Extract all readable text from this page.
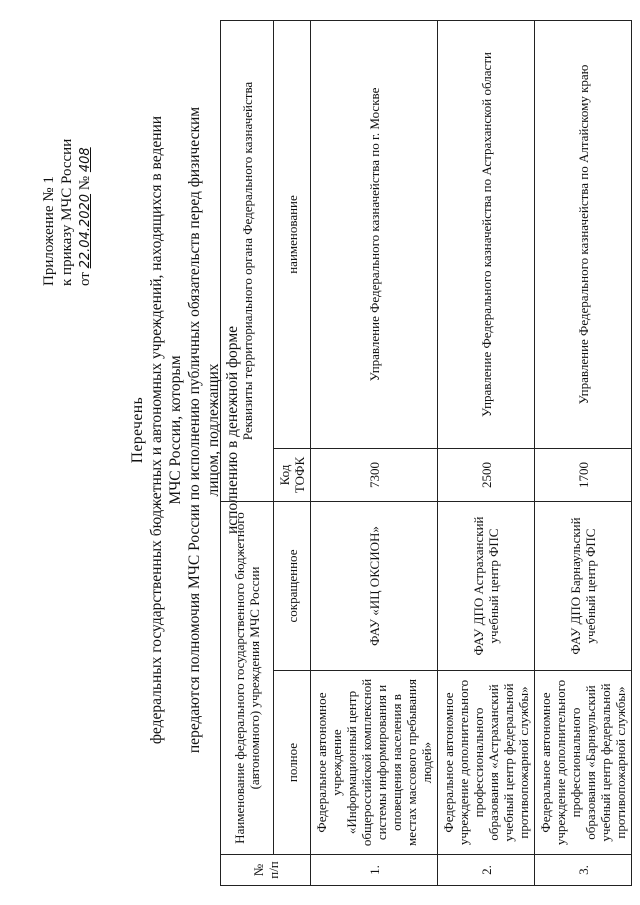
Приложение № 1 к приказу МЧС России от 22.04.2020 № 408
Перечень федеральных государственных бюджетных и автономных учреждений, находящихся в ведении МЧС России, которым передаются полномочия МЧС России по исполнению публичных обязательств перед физическим лицом, подлежащих исполнению в денежной форме
№ п/п	Наименование федерального государственного бюджетного (автономного) учреждения МЧС России		Реквизиты территориального органа Федерального казначейства	
	полное	сокращенное		
			Код ТОФК	наименование
1.	Федеральное автономное учреждение «Информационный центр общероссийской комплексной системы информирования и оповещения населения в местах массового пребывания людей»	ФАУ «ИЦ ОКСИОН»	7300	Управление Федерального казначейства по г. Москве
2.	Федеральное автономное учреждение дополнительного профессионального образования «Астраханский учебный центр федеральной противопожарной службы»	ФАУ ДПО Астраханский учебный центр ФПС	2500	Управление Федерального казначейства по Астраханской области
3.	Федеральное автономное учреждение дополнительного профессионального образования «Барнаульский учебный центр федеральной противопожарной службы»	ФАУ ДПО Барнаульский учебный центр ФПС	1700	Управление Федерального казначейства по Алтайскому краю
